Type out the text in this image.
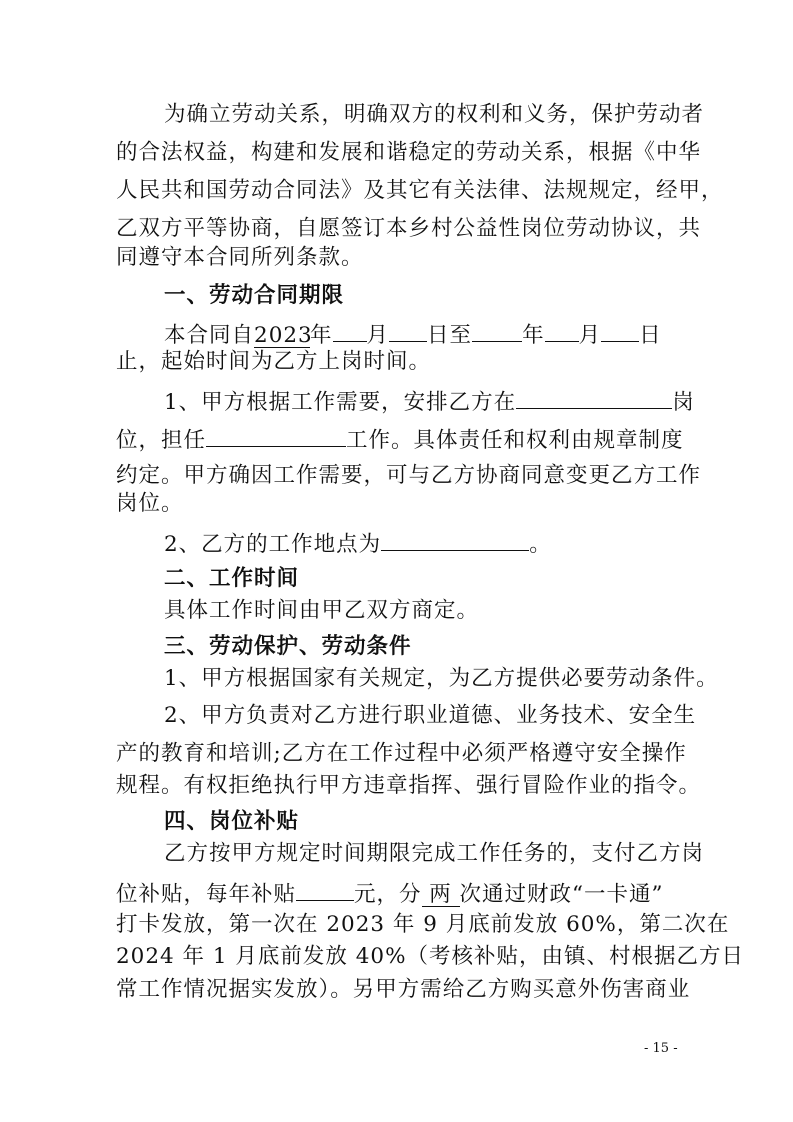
为确立劳动关系，明确双方的权利和义务，保护劳动者
的合法权益，构建和发展和谐稳定的劳动关系，根据《中华
人民共和国劳动合同法》及其它有关法律、法规规定，经甲，
乙双方平等协商，自愿签订本乡村公益性岗位劳动协议，共
同遵守本合同所列条款。
一、劳动合同期限
本合同自2023年 月 日至 年 月 日
止，起始时间为乙方上岗时间。
1、甲方根据工作需要，安排乙方在	岗
位，担任	工作。具体责任和权利由规章制度
约定。甲方确因工作需要，可与乙方协商同意变更乙方工作
岗位。
2、乙方的工作地点为	。
二、工作时间
具体工作时间由甲乙双方商定。
三、劳动保护、劳动条件
1、甲方根据国家有关规定，为乙方提供必要劳动条件。
2、甲方负责对乙方进行职业道德、业务技术、安全生
产的教育和培训;乙方在工作过程中必须严格遵守安全操作
规程。有权拒绝执行甲方违章指挥、强行冒险作业的指令。
四、岗位补贴
乙方按甲方规定时间期限完成工作任务的，支付乙方岗
位补贴，每年补贴	元，分 两 次通过财政“一卡通”
打卡发放，第一次在 2023 年 9 月底前发放 60%，第二次在
2024 年 1 月底前发放 40%（考核补贴，由镇、村根据乙方日
常工作情况据实发放）。另甲方需给乙方购买意外伤害商业
- 15 -
